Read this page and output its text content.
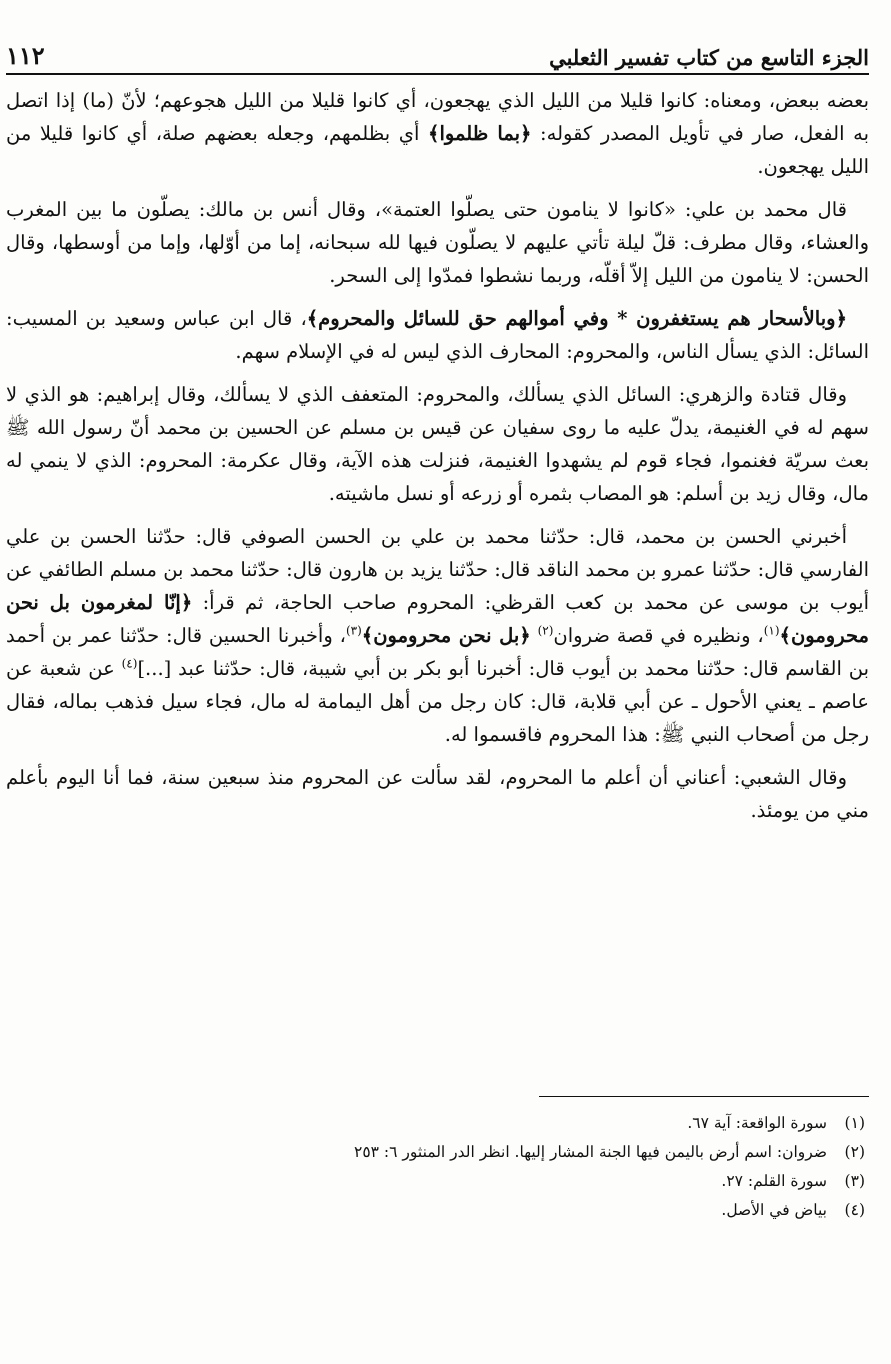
الجزء التاسع من كتاب تفسير الثعلبي
١١٢

بعضه ببعض، ومعناه: كانوا قليلا من الليل الذي يهجعون، أي كانوا قليلا من الليل هجوعهم؛ لأنّ (ما) إذا اتصل به الفعل، صار في تأويل المصدر كقوله: ﴿بما ظلموا﴾ أي بظلمهم، وجعله بعضهم صلة، أي كانوا قليلا من الليل يهجعون.

قال محمد بن علي: «كانوا لا ينامون حتى يصلّوا العتمة»، وقال أنس بن مالك: يصلّون ما بين المغرب والعشاء، وقال مطرف: قلّ ليلة تأتي عليهم لا يصلّون فيها لله سبحانه، إما من أوّلها، وإما من أوسطها، وقال الحسن: لا ينامون من الليل إلاّ أقلّه، وربما نشطوا فمدّوا إلى السحر.

﴿وبالأسحار هم يستغفرون * وفي أموالهم حق للسائل والمحروم﴾، قال ابن عباس وسعيد بن المسيب: السائل: الذي يسأل الناس، والمحروم: المحارف الذي ليس له في الإسلام سهم.

وقال قتادة والزهري: السائل الذي يسألك، والمحروم: المتعفف الذي لا يسألك، وقال إبراهيم: هو الذي لا سهم له في الغنيمة، يدلّ عليه ما روى سفيان عن قيس بن مسلم عن الحسين بن محمد أنّ رسول الله ﷺ بعث سريّة فغنموا، فجاء قوم لم يشهدوا الغنيمة، فنزلت هذه الآية، وقال عكرمة: المحروم: الذي لا ينمي له مال، وقال زيد بن أسلم: هو المصاب بثمره أو زرعه أو نسل ماشيته.

أخبرني الحسن بن محمد، قال: حدّثنا محمد بن علي بن الحسن الصوفي قال: حدّثنا الحسن بن علي الفارسي قال: حدّثنا عمرو بن محمد الناقد قال: حدّثنا يزيد بن هارون قال: حدّثنا محمد بن مسلم الطائفي عن أيوب بن موسى عن محمد بن كعب القرظي: المحروم صاحب الحاجة، ثم قرأ: ﴿إنّا لمغرمون بل نحن محرومون﴾$^{(١)}$، ونظيره في قصة ضروان$^{(٢)}$ ﴿بل نحن محرومون﴾$^{(٣)}$، وأخبرنا الحسين قال: حدّثنا عمر بن أحمد بن القاسم قال: حدّثنا محمد بن أيوب قال: أخبرنا أبو بكر بن أبي شيبة، قال: حدّثنا عبد [...]$^{(٤)}$ عن شعبة عن عاصم ـ يعني الأحول ـ عن أبي قلابة، قال: كان رجل من أهل اليمامة له مال، فجاء سيل فذهب بماله، فقال رجل من أصحاب النبي ﷺ: هذا المحروم فاقسموا له.

وقال الشعبي: أعناني أن أعلم ما المحروم، لقد سألت عن المحروم منذ سبعين سنة، فما أنا اليوم بأعلم مني من يومئذ.

(١)
سورة الواقعة: آية ٦٧.
(٢)
ضروان: اسم أرض باليمن فيها الجنة المشار إليها. انظر الدر المنثور ٦: ٢٥٣
(٣)
سورة القلم: ٢٧.
(٤)
بياض في الأصل.
